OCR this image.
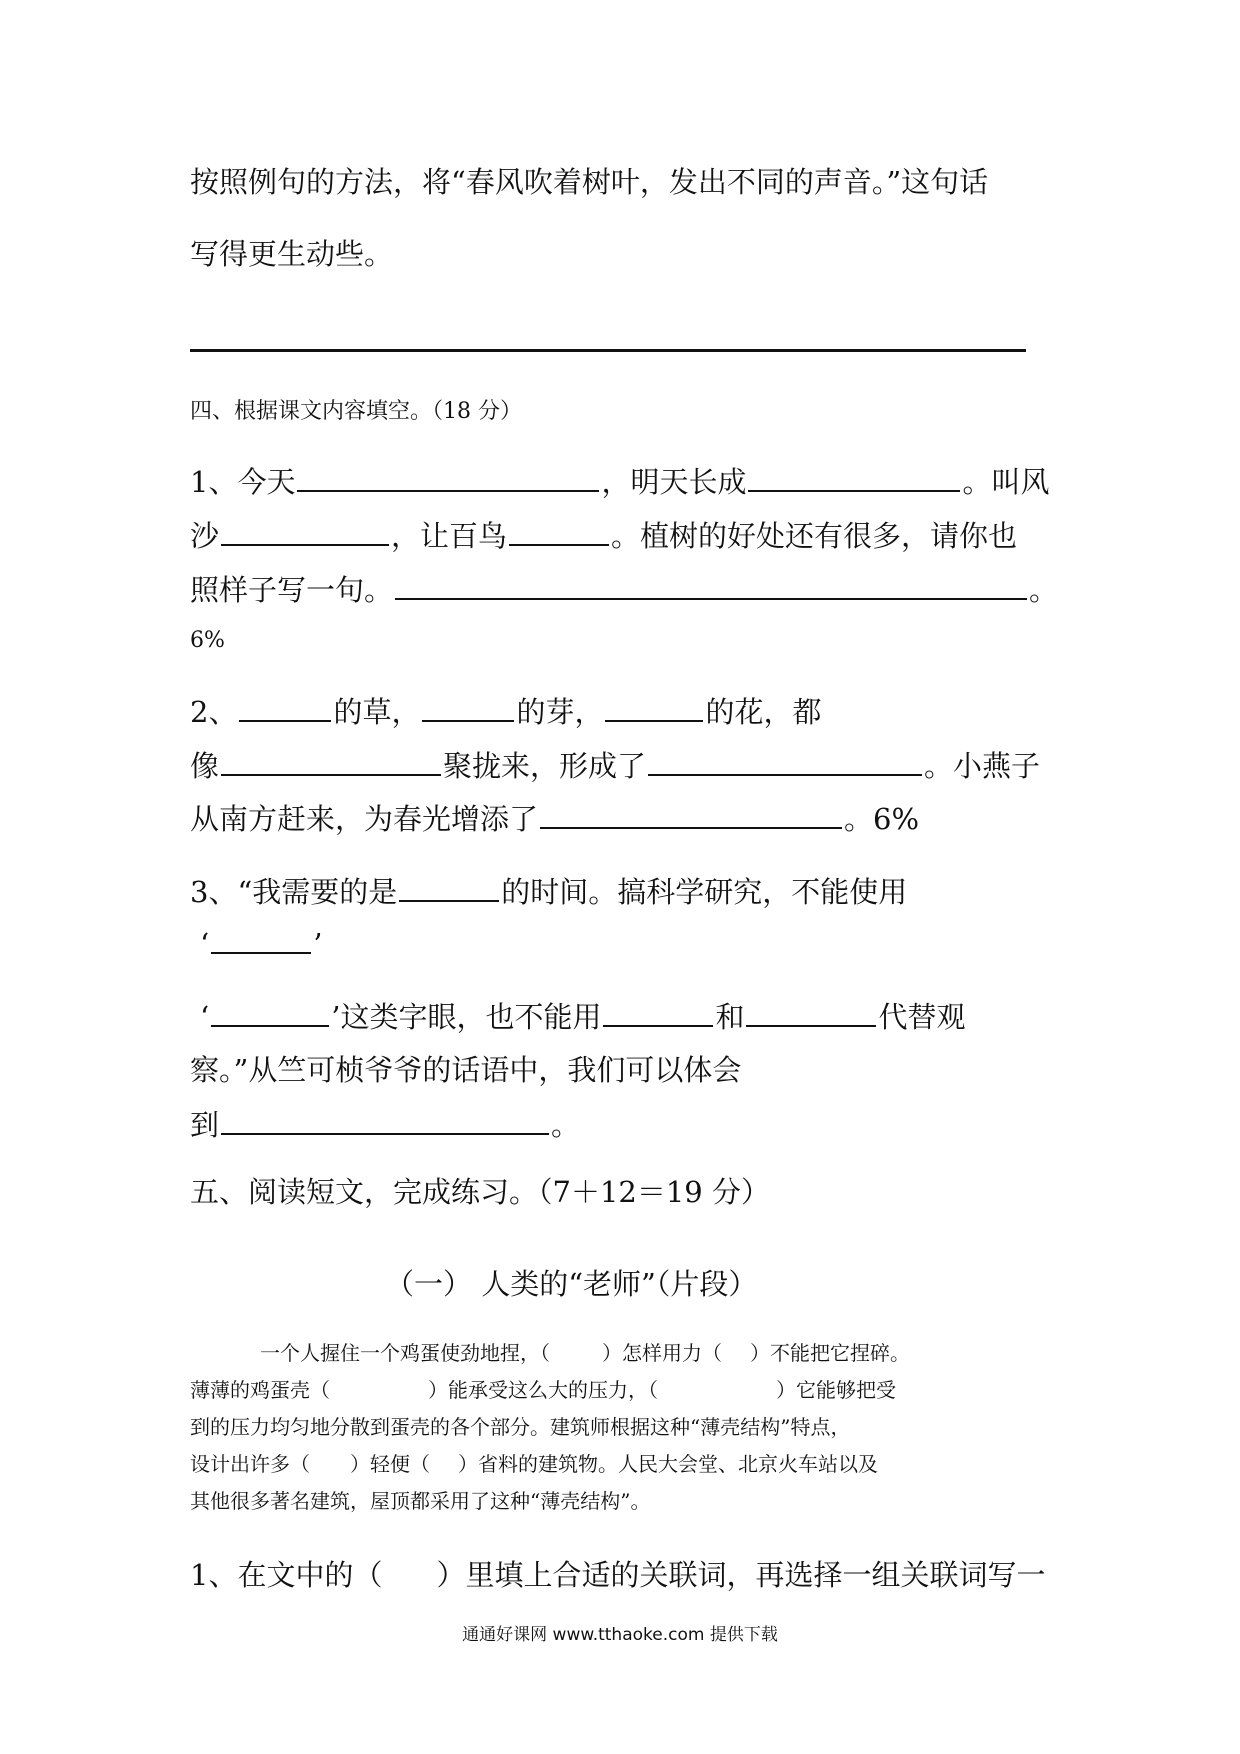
按照例句的方法，将“春风吹着树叶，发出不同的声音。”这句话
写得更生动些。
四、根据课文内容填空。（18 分）
1、今天	，明天长成	。叫风
沙	，让百鸟	。植树的好处还有很多，请你也
照样子写一句。	。
6%
2、	的草，	的芽，	的花，都
像	聚拢来，形成了	。小燕子
从南方赶来，为春光增添了	。6%
3、“我需要的是	的时间。搞科学研究，不能使用
‘	’
‘	’这类字眼，也不能用	和	代替观
察。”从竺可桢爷爷的话语中，我们可以体会
到	。
五、阅读短文，完成练习。（7＋12＝19 分）
（一） 人类的“老师”（片段）
一个人握住一个鸡蛋使劲地捏，（	）怎样用力（ ）不能把它捏碎。
薄薄的鸡蛋壳（	）能承受这么大的压力，（	）它能够把受
到的压力均匀地分散到蛋壳的各个部分。建筑师根据这种“薄壳结构”特点，
设计出许多（ ）轻便（ ）省料的建筑物。人民大会堂、北京火车站以及
其他很多著名建筑，屋顶都采用了这种“薄壳结构”。
1、在文中的（ ）里填上合适的关联词，再选择一组关联词写一
通通好课网 www.tthaoke.com 提供下载
